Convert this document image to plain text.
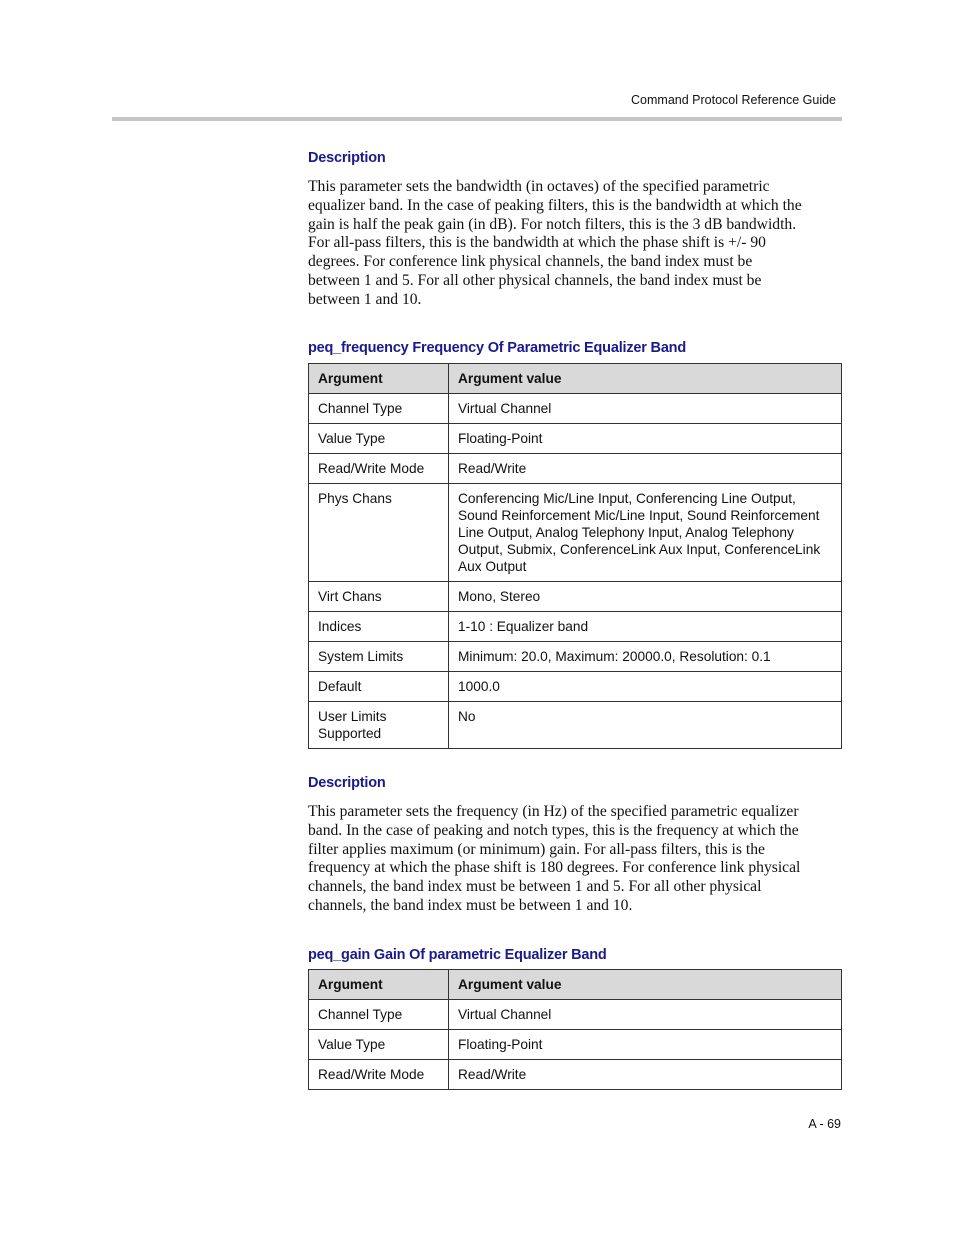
Command Protocol Reference Guide
Description

This parameter sets the bandwidth (in octaves) of the specified parametric
equalizer band. In the case of peaking filters, this is the bandwidth at which the
gain is half the peak gain (in dB). For notch filters, this is the 3 dB bandwidth.
For all-pass filters, this is the bandwidth at which the phase shift is +/- 90
degrees. For conference link physical channels, the band index must be
between 1 and 5. For all other physical channels, the band index must be
between 1 and 10.

peq_frequency Frequency Of Parametric Equalizer Band
Argument	Argument value
Channel Type	Virtual Channel
Value Type	Floating-Point
Read/Write Mode	Read/Write
Phys Chans	Conferencing Mic/Line Input, Conferencing Line Output, Sound Reinforcement Mic/Line Input, Sound Reinforcement Line Output, Analog Telephony Input, Analog Telephony Output, Submix, ConferenceLink Aux Input, ConferenceLink Aux Output
Virt Chans	Mono, Stereo
Indices	1-10 : Equalizer band
System Limits	Minimum: 20.0, Maximum: 20000.0, Resolution: 0.1
Default	1000.0
User Limits Supported	No
Description

This parameter sets the frequency (in Hz) of the specified parametric equalizer
band. In the case of peaking and notch types, this is the frequency at which the
filter applies maximum (or minimum) gain. For all-pass filters, this is the
frequency at which the phase shift is 180 degrees. For conference link physical
channels, the band index must be between 1 and 5. For all other physical
channels, the band index must be between 1 and 10.

peq_gain Gain Of parametric Equalizer Band
Argument	Argument value
Channel Type	Virtual Channel
Value Type	Floating-Point
Read/Write Mode	Read/Write
A - 69
